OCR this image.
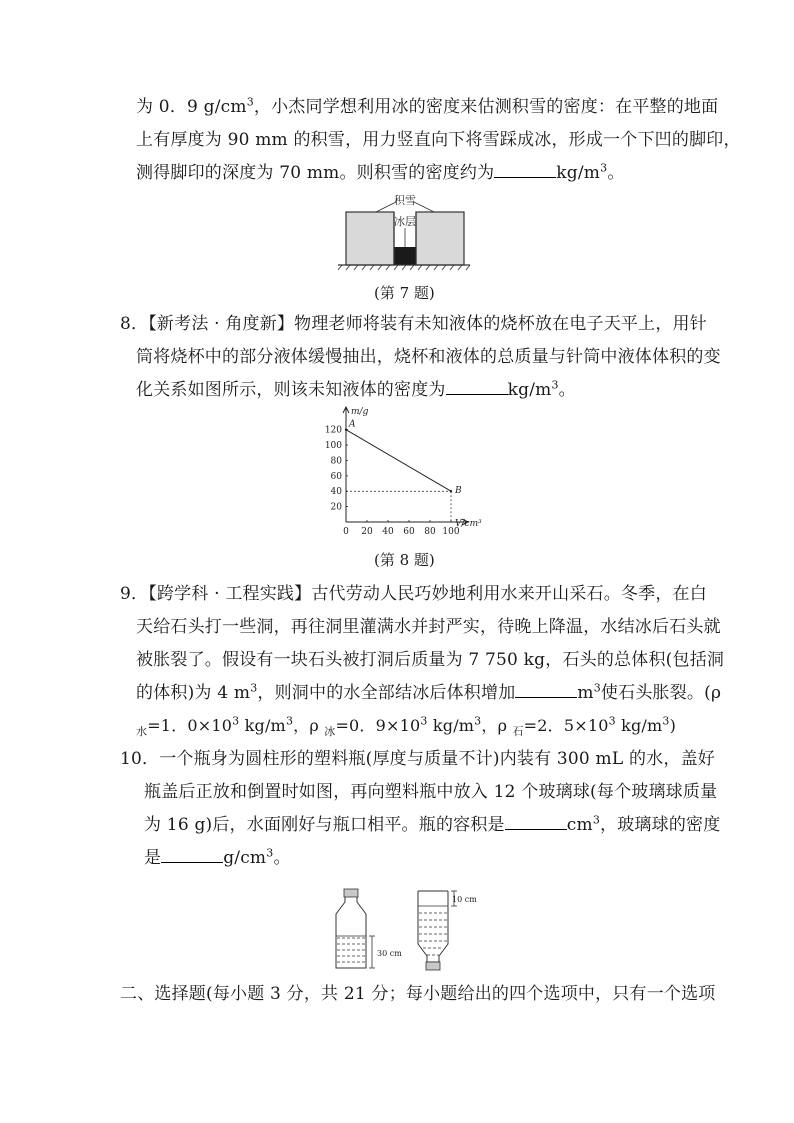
为 0．9 $g/cm^3$，小杰同学想利用冰的密度来估测积雪的密度：在平整的地面
上有厚度为 90 mm 的积雪，用力竖直向下将雪踩成冰，形成一个下凹的脚印，
测得脚印的深度为 70 mm。则积雪的密度约为	$kg/m^3$。
积雪
冰层
(第 7 题)
8．【新考法 · 角度新】物理老师将装有未知液体的烧杯放在电子天平上，用针
筒将烧杯中的部分液体缓慢抽出，烧杯和液体的总质量与针筒中液体体积的变
化关系如图所示，则该未知液体的密度为	$kg/m^3$。
m/g
V/cm³
120
100
80
60
40
20
0 20 40 60 80 100
A
B
(第 8 题)
9．【跨学科 · 工程实践】古代劳动人民巧妙地利用水来开山采石。冬季，在白
天给石头打一些洞，再往洞里灌满水并封严实，待晚上降温，水结冰后石头就
被胀裂了。假设有一块石头被打洞后质量为 7 750 kg，石头的总体积(包括洞
的体积)为 4 $m^3$，则洞中的水全部结冰后体积增加	$m^3$使石头胀裂。(ρ
$_水$=1．$0\times 10^3$ $kg/m^3$，ρ $_冰$=0．$9\times 10^3$ $kg/m^3$，ρ $_石$=2．$5\times 10^3$ $kg/m^3$)
10．一个瓶身为圆柱形的塑料瓶(厚度与质量不计)内装有 300 mL 的水，盖好
瓶盖后正放和倒置时如图，再向塑料瓶中放入 12 个玻璃球(每个玻璃球质量
为 16 g)后，水面刚好与瓶口相平。瓶的容积是	$cm^3$，玻璃球的密度
是	$g/cm^3$。
30 cm
10 cm
二、选择题(每小题 3 分，共 21 分；每小题给出的四个选项中，只有一个选项
